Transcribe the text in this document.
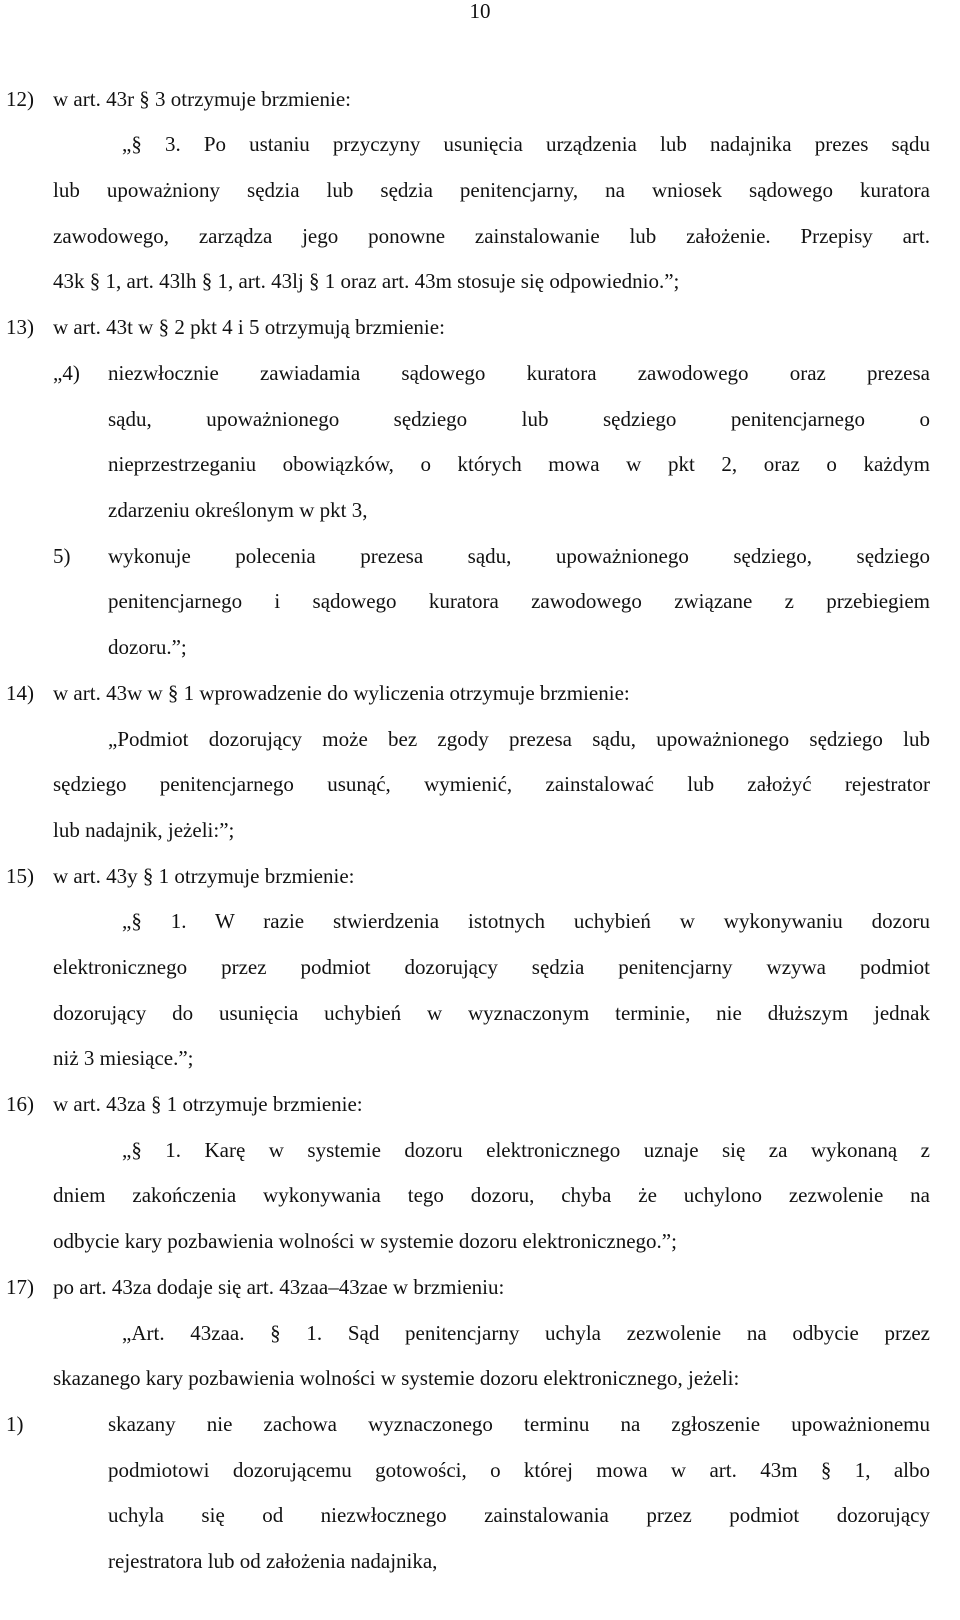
10
12) w art. 43r § 3 otrzymuje brzmienie:
„§ 3. Po ustaniu przyczyny usunięcia urządzenia lub nadajnika prezes sądu
lub upoważniony sędzia lub sędzia penitencjarny, na wniosek sądowego kuratora
zawodowego, zarządza jego ponowne zainstalowanie lub założenie. Przepisy art.
43k § 1, art. 43lh § 1, art. 43lj § 1 oraz art. 43m stosuje się odpowiednio.”;
13) w art. 43t w § 2 pkt 4 i 5 otrzymują brzmienie:
„4) niezwłocznie zawiadamia sądowego kuratora zawodowego oraz prezesa
sądu, upoważnionego sędziego lub sędziego penitencjarnego o
nieprzestrzeganiu obowiązków, o których mowa w pkt 2, oraz o każdym
zdarzeniu określonym w pkt 3,
5) wykonuje polecenia prezesa sądu, upoważnionego sędziego, sędziego
penitencjarnego i sądowego kuratora zawodowego związane z przebiegiem
dozoru.”;
14) w art. 43w w § 1 wprowadzenie do wyliczenia otrzymuje brzmienie:
„Podmiot dozorujący może bez zgody prezesa sądu, upoważnionego sędziego lub
sędziego penitencjarnego usunąć, wymienić, zainstalować lub założyć rejestrator
lub nadajnik, jeżeli:”;
15) w art. 43y § 1 otrzymuje brzmienie:
„§ 1. W razie stwierdzenia istotnych uchybień w wykonywaniu dozoru
elektronicznego przez podmiot dozorujący sędzia penitencjarny wzywa podmiot
dozorujący do usunięcia uchybień w wyznaczonym terminie, nie dłuższym jednak
niż 3 miesiące.”;
16) w art. 43za § 1 otrzymuje brzmienie:
„§ 1. Karę w systemie dozoru elektronicznego uznaje się za wykonaną z
dniem zakończenia wykonywania tego dozoru, chyba że uchylono zezwolenie na
odbycie kary pozbawienia wolności w systemie dozoru elektronicznego.”;
17) po art. 43za dodaje się art. 43zaa–43zae w brzmieniu:
„Art. 43zaa. § 1. Sąd penitencjarny uchyla zezwolenie na odbycie przez
skazanego kary pozbawienia wolności w systemie dozoru elektronicznego, jeżeli:
1)	skazany nie zachowa wyznaczonego terminu na zgłoszenie upoważnionemu
podmiotowi dozorującemu gotowości, o której mowa w art. 43m § 1, albo
uchyla się od niezwłocznego zainstalowania przez podmiot dozorujący
rejestratora lub od założenia nadajnika,
